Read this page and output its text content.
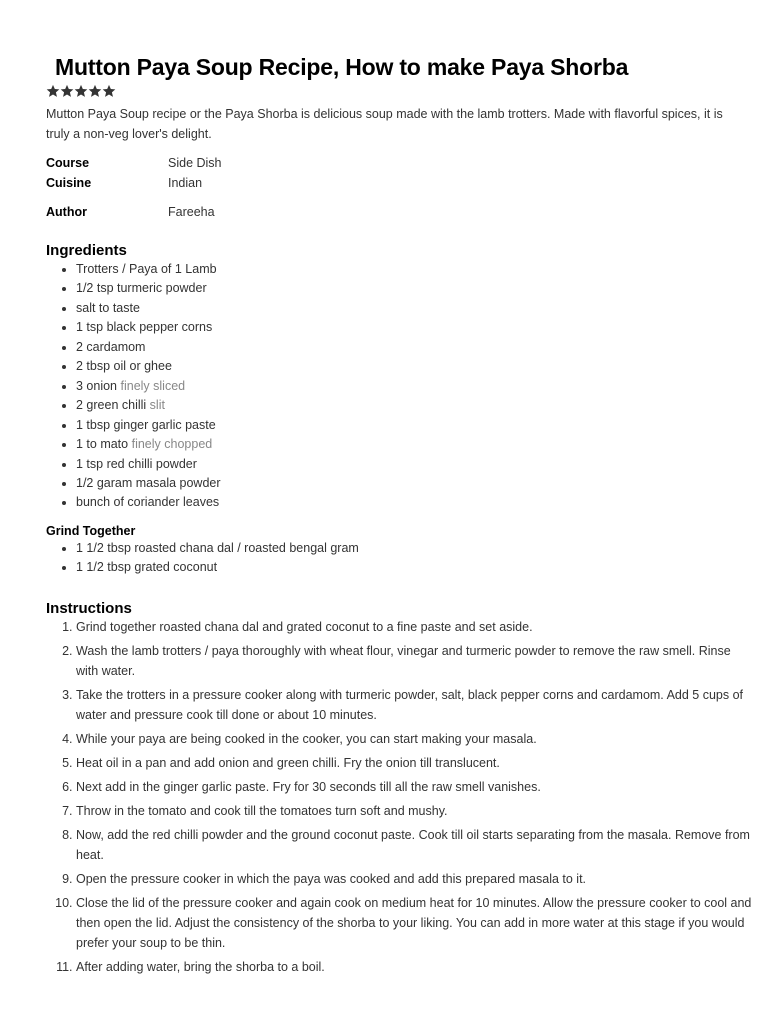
Mutton Paya Soup Recipe, How to make Paya Shorba

Mutton Paya Soup recipe or the Paya Shorba is delicious soup made with the lamb trotters. Made with flavorful spices, it is truly a non-veg lover's delight.

Course	Side Dish
Cuisine	Indian
Author	Fareeha
Ingredients
• Trotters / Paya of 1 Lamb
• 1/2 tsp turmeric powder
• salt to taste
• 1 tsp black pepper corns
• 2 cardamom
• 2 tbsp oil or ghee
• 3 onion finely sliced
• 2 green chilli slit
• 1 tbsp ginger garlic paste
• 1 to mato finely chopped
• 1 tsp red chilli powder
• 1/2 garam masala powder
• bunch of coriander leaves
Grind Together
• 1 1/2 tbsp roasted chana dal / roasted bengal gram
• 1 1/2 tbsp grated coconut
Instructions
1. Grind together roasted chana dal and grated coconut to a fine paste and set aside.
2. Wash the lamb trotters / paya thoroughly with wheat flour, vinegar and turmeric powder to remove the raw smell. Rinse with water.
3. Take the trotters in a pressure cooker along with turmeric powder, salt, black pepper corns and cardamom. Add 5 cups of water and pressure cook till done or about 10 minutes.
4. While your paya are being cooked in the cooker, you can start making your masala.
5. Heat oil in a pan and add onion and green chilli. Fry the onion till translucent.
6. Next add in the ginger garlic paste. Fry for 30 seconds till all the raw smell vanishes.
7. Throw in the tomato and cook till the tomatoes turn soft and mushy.
8. Now, add the red chilli powder and the ground coconut paste. Cook till oil starts separating from the masala. Remove from heat.
9. Open the pressure cooker in which the paya was cooked and add this prepared masala to it.
10. Close the lid of the pressure cooker and again cook on medium heat for 10 minutes. Allow the pressure cooker to cool and then open the lid. Adjust the consistency of the shorba to your liking. You can add in more water at this stage if you would prefer your soup to be thin.
11. After adding water, bring the shorba to a boil.
